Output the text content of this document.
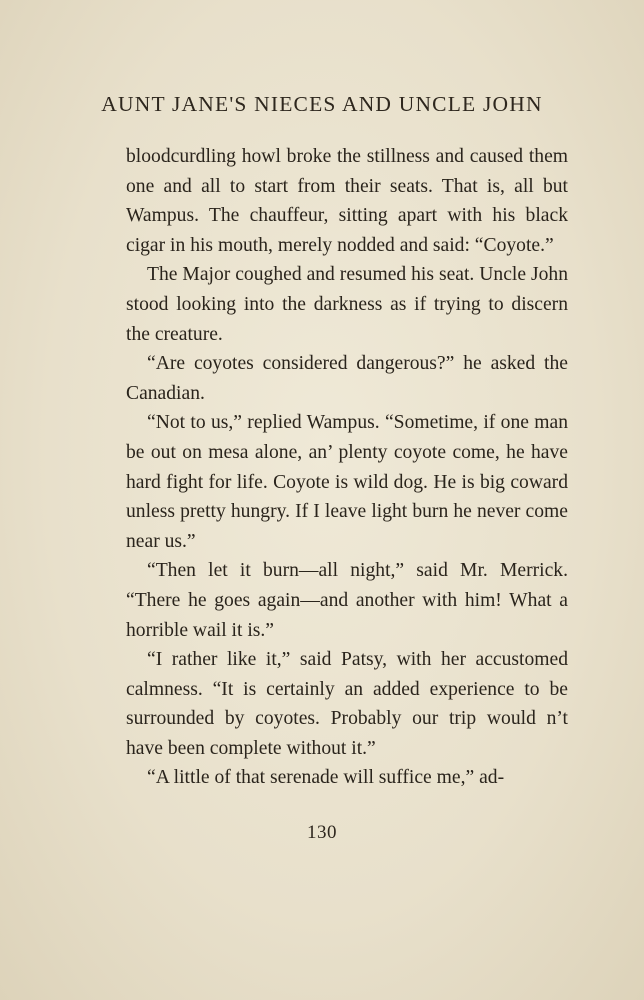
AUNT JANE'S NIECES AND UNCLE JOHN

bloodcurdling howl broke the stillness and caused them one and all to start from their seats. That is, all but Wampus. The chauffeur, sitting apart with his black cigar in his mouth, merely nodded and said: “Coyote.”

The Major coughed and resumed his seat. Uncle John stood looking into the darkness as if trying to discern the creature.

“Are coyotes considered dangerous?” he asked the Canadian.

“Not to us,” replied Wampus. “Sometime, if one man be out on mesa alone, an’ plenty coyote come, he have hard fight for life. Coyote is wild dog. He is big coward unless pretty hungry. If I leave light burn he never come near us.”

“Then let it burn—all night,” said Mr. Merrick. “There he goes again—and another with him! What a horrible wail it is.”

“I rather like it,” said Patsy, with her accustomed calmness. “It is certainly an added experience to be surrounded by coyotes. Probably our trip would n’t have been complete without it.”

“A little of that serenade will suffice me,” ad-

130
